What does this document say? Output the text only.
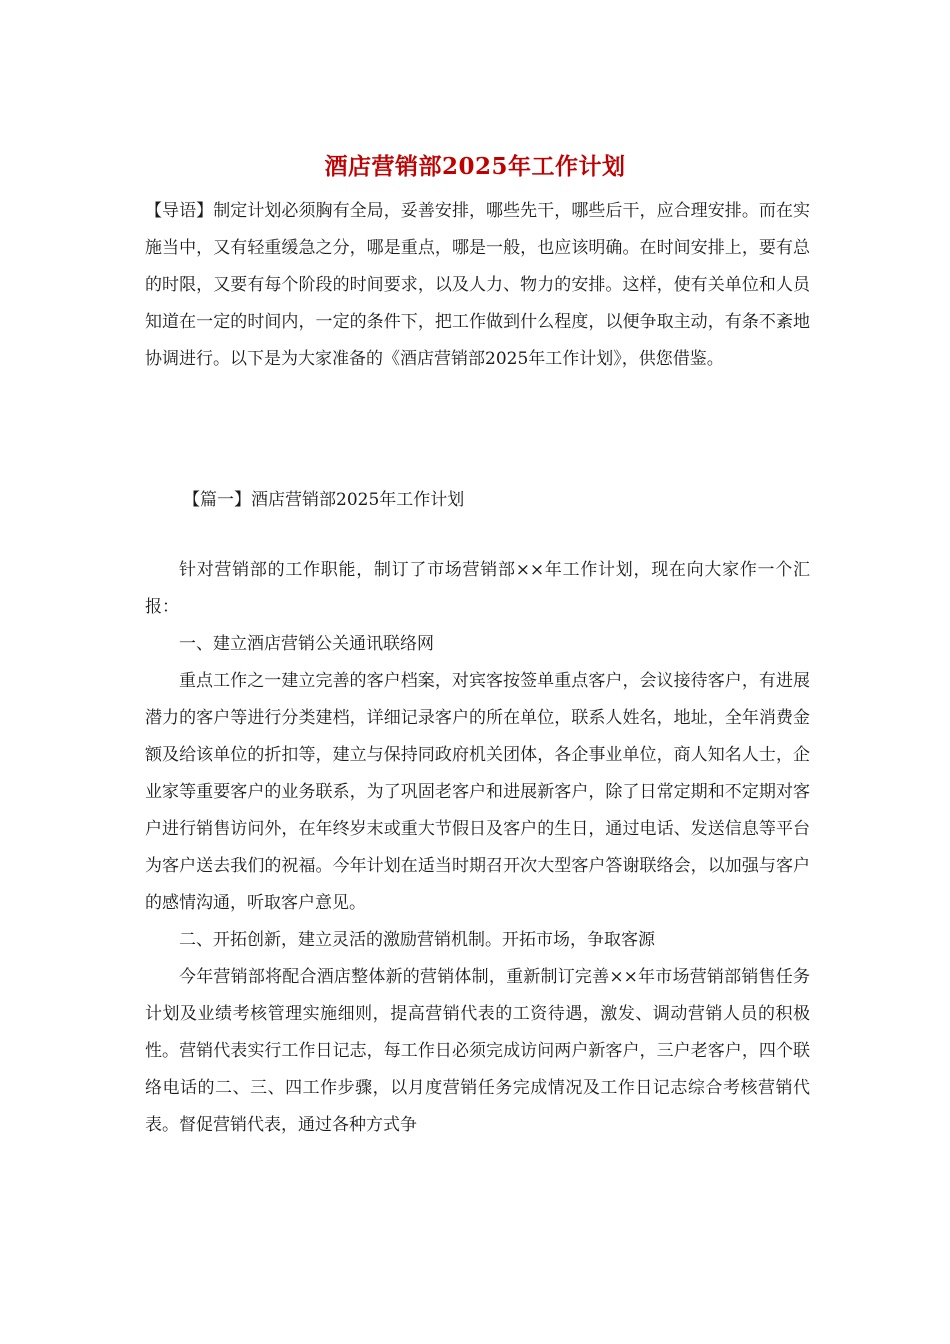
酒店营销部2025年工作计划

【导语】制定计划必须胸有全局，妥善安排，哪些先干，哪些后干，应合理安排。而在实施当中，又有轻重缓急之分，哪是重点，哪是一般，也应该明确。在时间安排上，要有总的时限，又要有每个阶段的时间要求，以及人力、物力的安排。这样，使有关单位和人员知道在一定的时间内，一定的条件下，把工作做到什么程度，以便争取主动，有条不紊地协调进行。以下是为大家准备的《酒店营销部2025年工作计划》，供您借鉴。

【篇一】酒店营销部2025年工作计划

针对营销部的工作职能，制订了市场营销部××年工作计划，现在向大家作一个汇报：

一、建立酒店营销公关通讯联络网

重点工作之一建立完善的客户档案，对宾客按签单重点客户，会议接待客户，有进展潜力的客户等进行分类建档，详细记录客户的所在单位，联系人姓名，地址，全年消费金额及给该单位的折扣等，建立与保持同政府机关团体，各企事业单位，商人知名人士，企业家等重要客户的业务联系，为了巩固老客户和进展新客户，除了日常定期和不定期对客户进行销售访问外，在年终岁末或重大节假日及客户的生日，通过电话、发送信息等平台为客户送去我们的祝福。今年计划在适当时期召开次大型客户答谢联络会，以加强与客户的感情沟通，听取客户意见。

二、开拓创新，建立灵活的激励营销机制。开拓市场，争取客源

今年营销部将配合酒店整体新的营销体制，重新制订完善××年市场营销部销售任务计划及业绩考核管理实施细则，提高营销代表的工资待遇，激发、调动营销人员的积极性。营销代表实行工作日记志，每工作日必须完成访问两户新客户，三户老客户，四个联络电话的二、三、四工作步骤，以月度营销任务完成情况及工作日记志综合考核营销代表。督促营销代表，通过各种方式争
